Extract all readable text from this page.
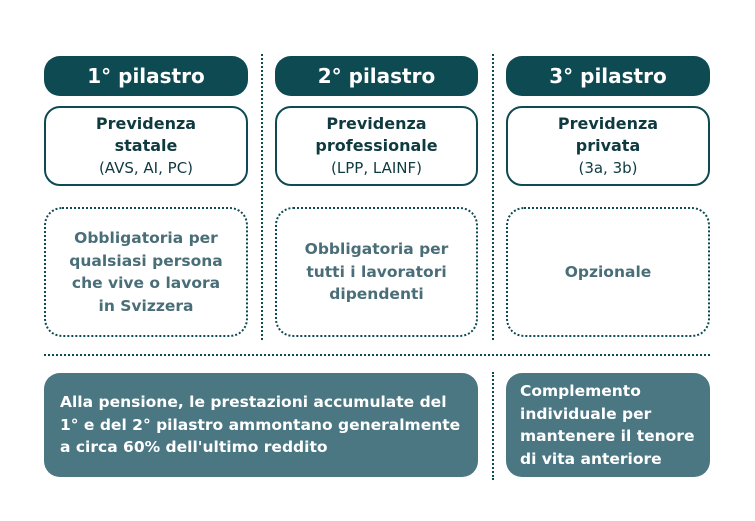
1° pilastro
Previdenza
statale
(AVS, AI, PC)
Obbligatoria per
qualsiasi persona
che vive o lavora
in Svizzera
2° pilastro
Previdenza
professionale
(LPP, LAINF)
Obbligatoria per
tutti i lavoratori
dipendenti
3° pilastro
Previdenza
privata
(3a, 3b)
Opzionale
Alla pensione, le prestazioni accumulate del
1° e del 2° pilastro ammontano generalmente
a circa 60% dell'ultimo reddito
Complemento
individuale per
mantenere il tenore
di vita anteriore
